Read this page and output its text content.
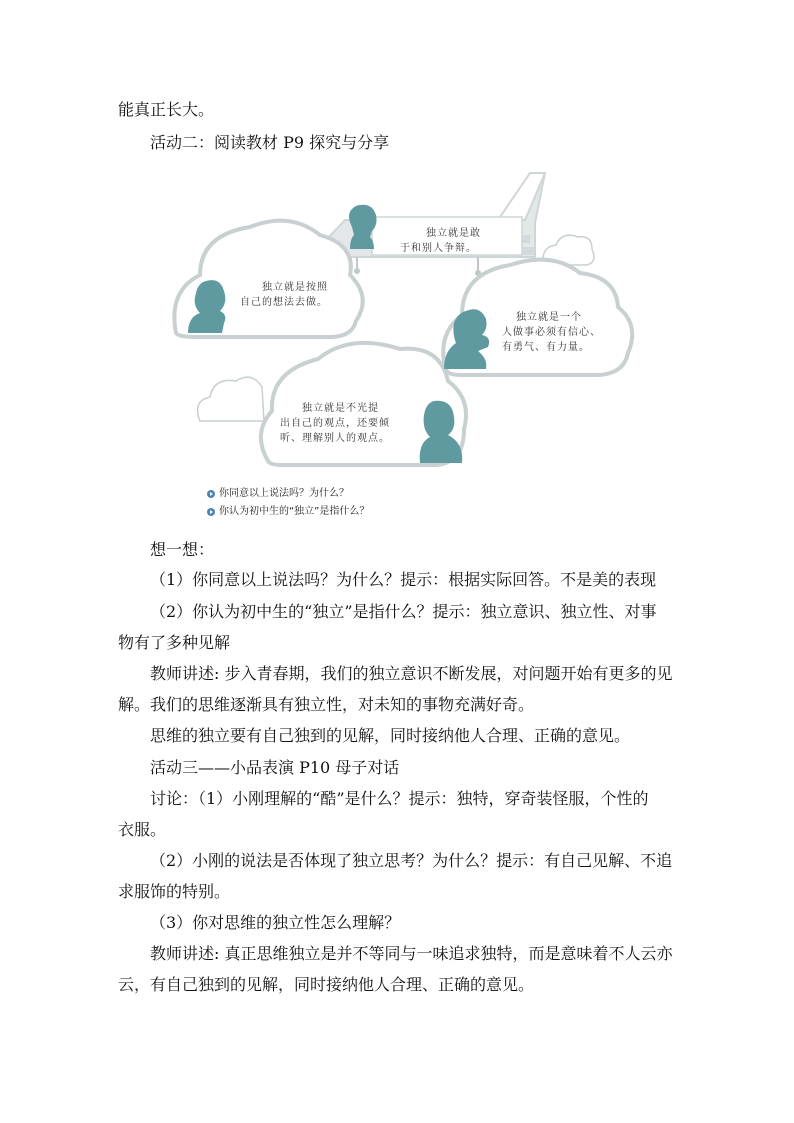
能真正长大。
活动二：阅读教材 P9 探究与分享
独立就是敢
于和别人争辩。
独立就是按照
自己的想法去做。
独立就是一个
人做事必须有信心、
有勇气、有力量。
独立就是不光提
出自己的观点，还要倾
听、理解别人的观点。
你同意以上说法吗？为什么？
你认为初中生的“独立”是指什么？
想一想：
（1）你同意以上说法吗？为什么？提示：根据实际回答。不是美的表现
（2）你认为初中生的“独立”是指什么？提示：独立意识、独立性、对事
物有了多种见解
教师讲述: 步入青春期，我们的独立意识不断发展，对问题开始有更多的见
解。我们的思维逐渐具有独立性，对未知的事物充满好奇。
思维的独立要有自己独到的见解，同时接纳他人合理、正确的意见。
活动三——小品表演 P10 母子对话
讨论：（1）小刚理解的“酷”是什么？提示：独特，穿奇装怪服，个性的
衣服。
（2）小刚的说法是否体现了独立思考？为什么？提示：有自己见解、不追
求服饰的特别。
（3）你对思维的独立性怎么理解？
教师讲述: 真正思维独立是并不等同与一味追求独特，而是意味着不人云亦
云，有自己独到的见解，同时接纳他人合理、正确的意见。
